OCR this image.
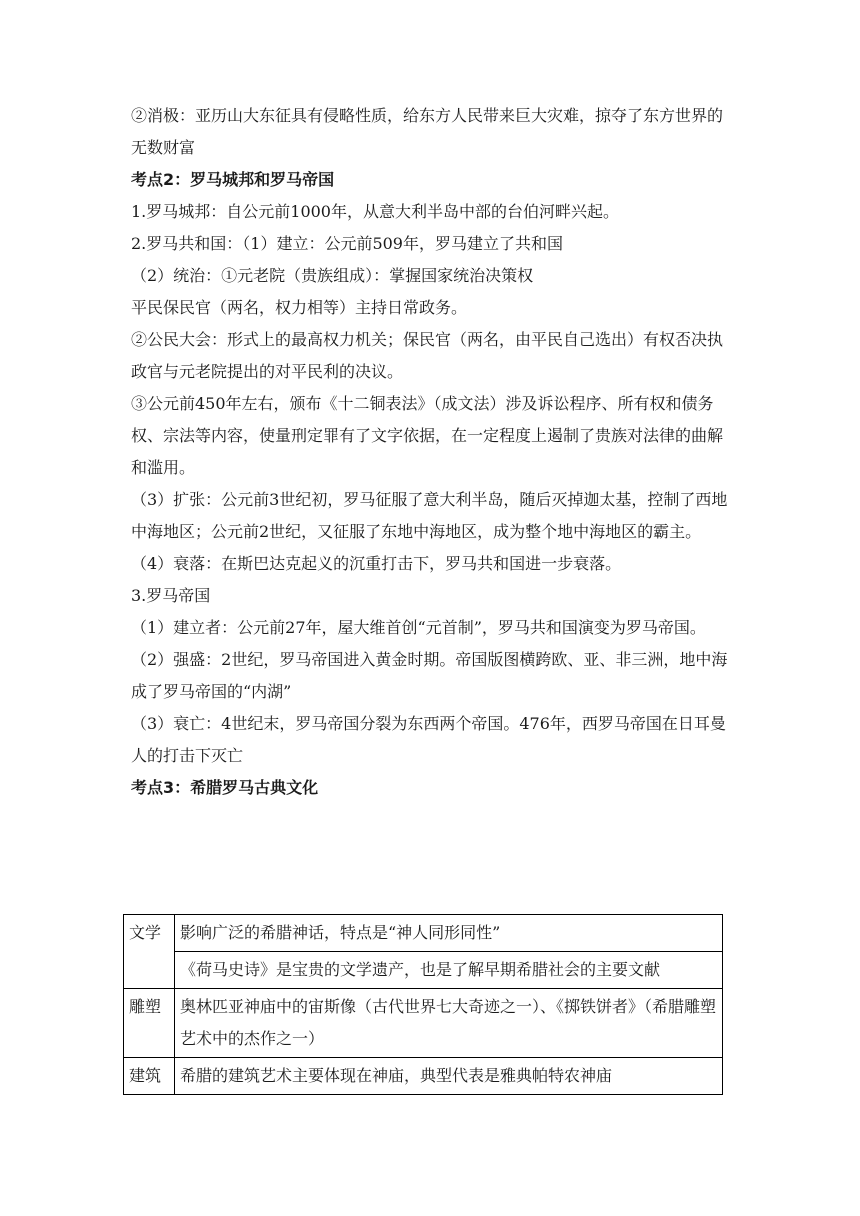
②消极：亚历山大东征具有侵略性质，给东方人民带来巨大灾难，掠夺了东方世界的无数财富

考点2：罗马城邦和罗马帝国

1.罗马城邦：自公元前1000年，从意大利半岛中部的台伯河畔兴起。

2.罗马共和国：（1）建立：公元前509年，罗马建立了共和国

（2）统治：①元老院（贵族组成）：掌握国家统治决策权

平民保民官（两名，权力相等）主持日常政务。

②公民大会：形式上的最高权力机关；保民官（两名，由平民自己选出）有权否决执政官与元老院提出的对平民利的决议。

③公元前450年左右，颁布《十二铜表法》（成文法）涉及诉讼程序、所有权和债务权、宗法等内容，使量刑定罪有了文字依据，在一定程度上遏制了贵族对法律的曲解和滥用。

（3）扩张：公元前3世纪初，罗马征服了意大利半岛，随后灭掉迦太基，控制了西地中海地区；公元前2世纪，又征服了东地中海地区，成为整个地中海地区的霸主。

（4）衰落：在斯巴达克起义的沉重打击下，罗马共和国进一步衰落。

3.罗马帝国

（1）建立者：公元前27年，屋大维首创“元首制”，罗马共和国演变为罗马帝国。

（2）强盛：2世纪，罗马帝国进入黄金时期。帝国版图横跨欧、亚、非三洲，地中海成了罗马帝国的“内湖”

（3）衰亡：4世纪末，罗马帝国分裂为东西两个帝国。476年，西罗马帝国在日耳曼人的打击下灭亡

考点3：希腊罗马古典文化

文学	影响广泛的希腊神话，特点是“神人同形同性”
	《荷马史诗》是宝贵的文学遗产，也是了解早期希腊社会的主要文献
雕塑	奥林匹亚神庙中的宙斯像（古代世界七大奇迹之一）、《掷铁饼者》（希腊雕塑艺术中的杰作之一）
建筑	希腊的建筑艺术主要体现在神庙，典型代表是雅典帕特农神庙
